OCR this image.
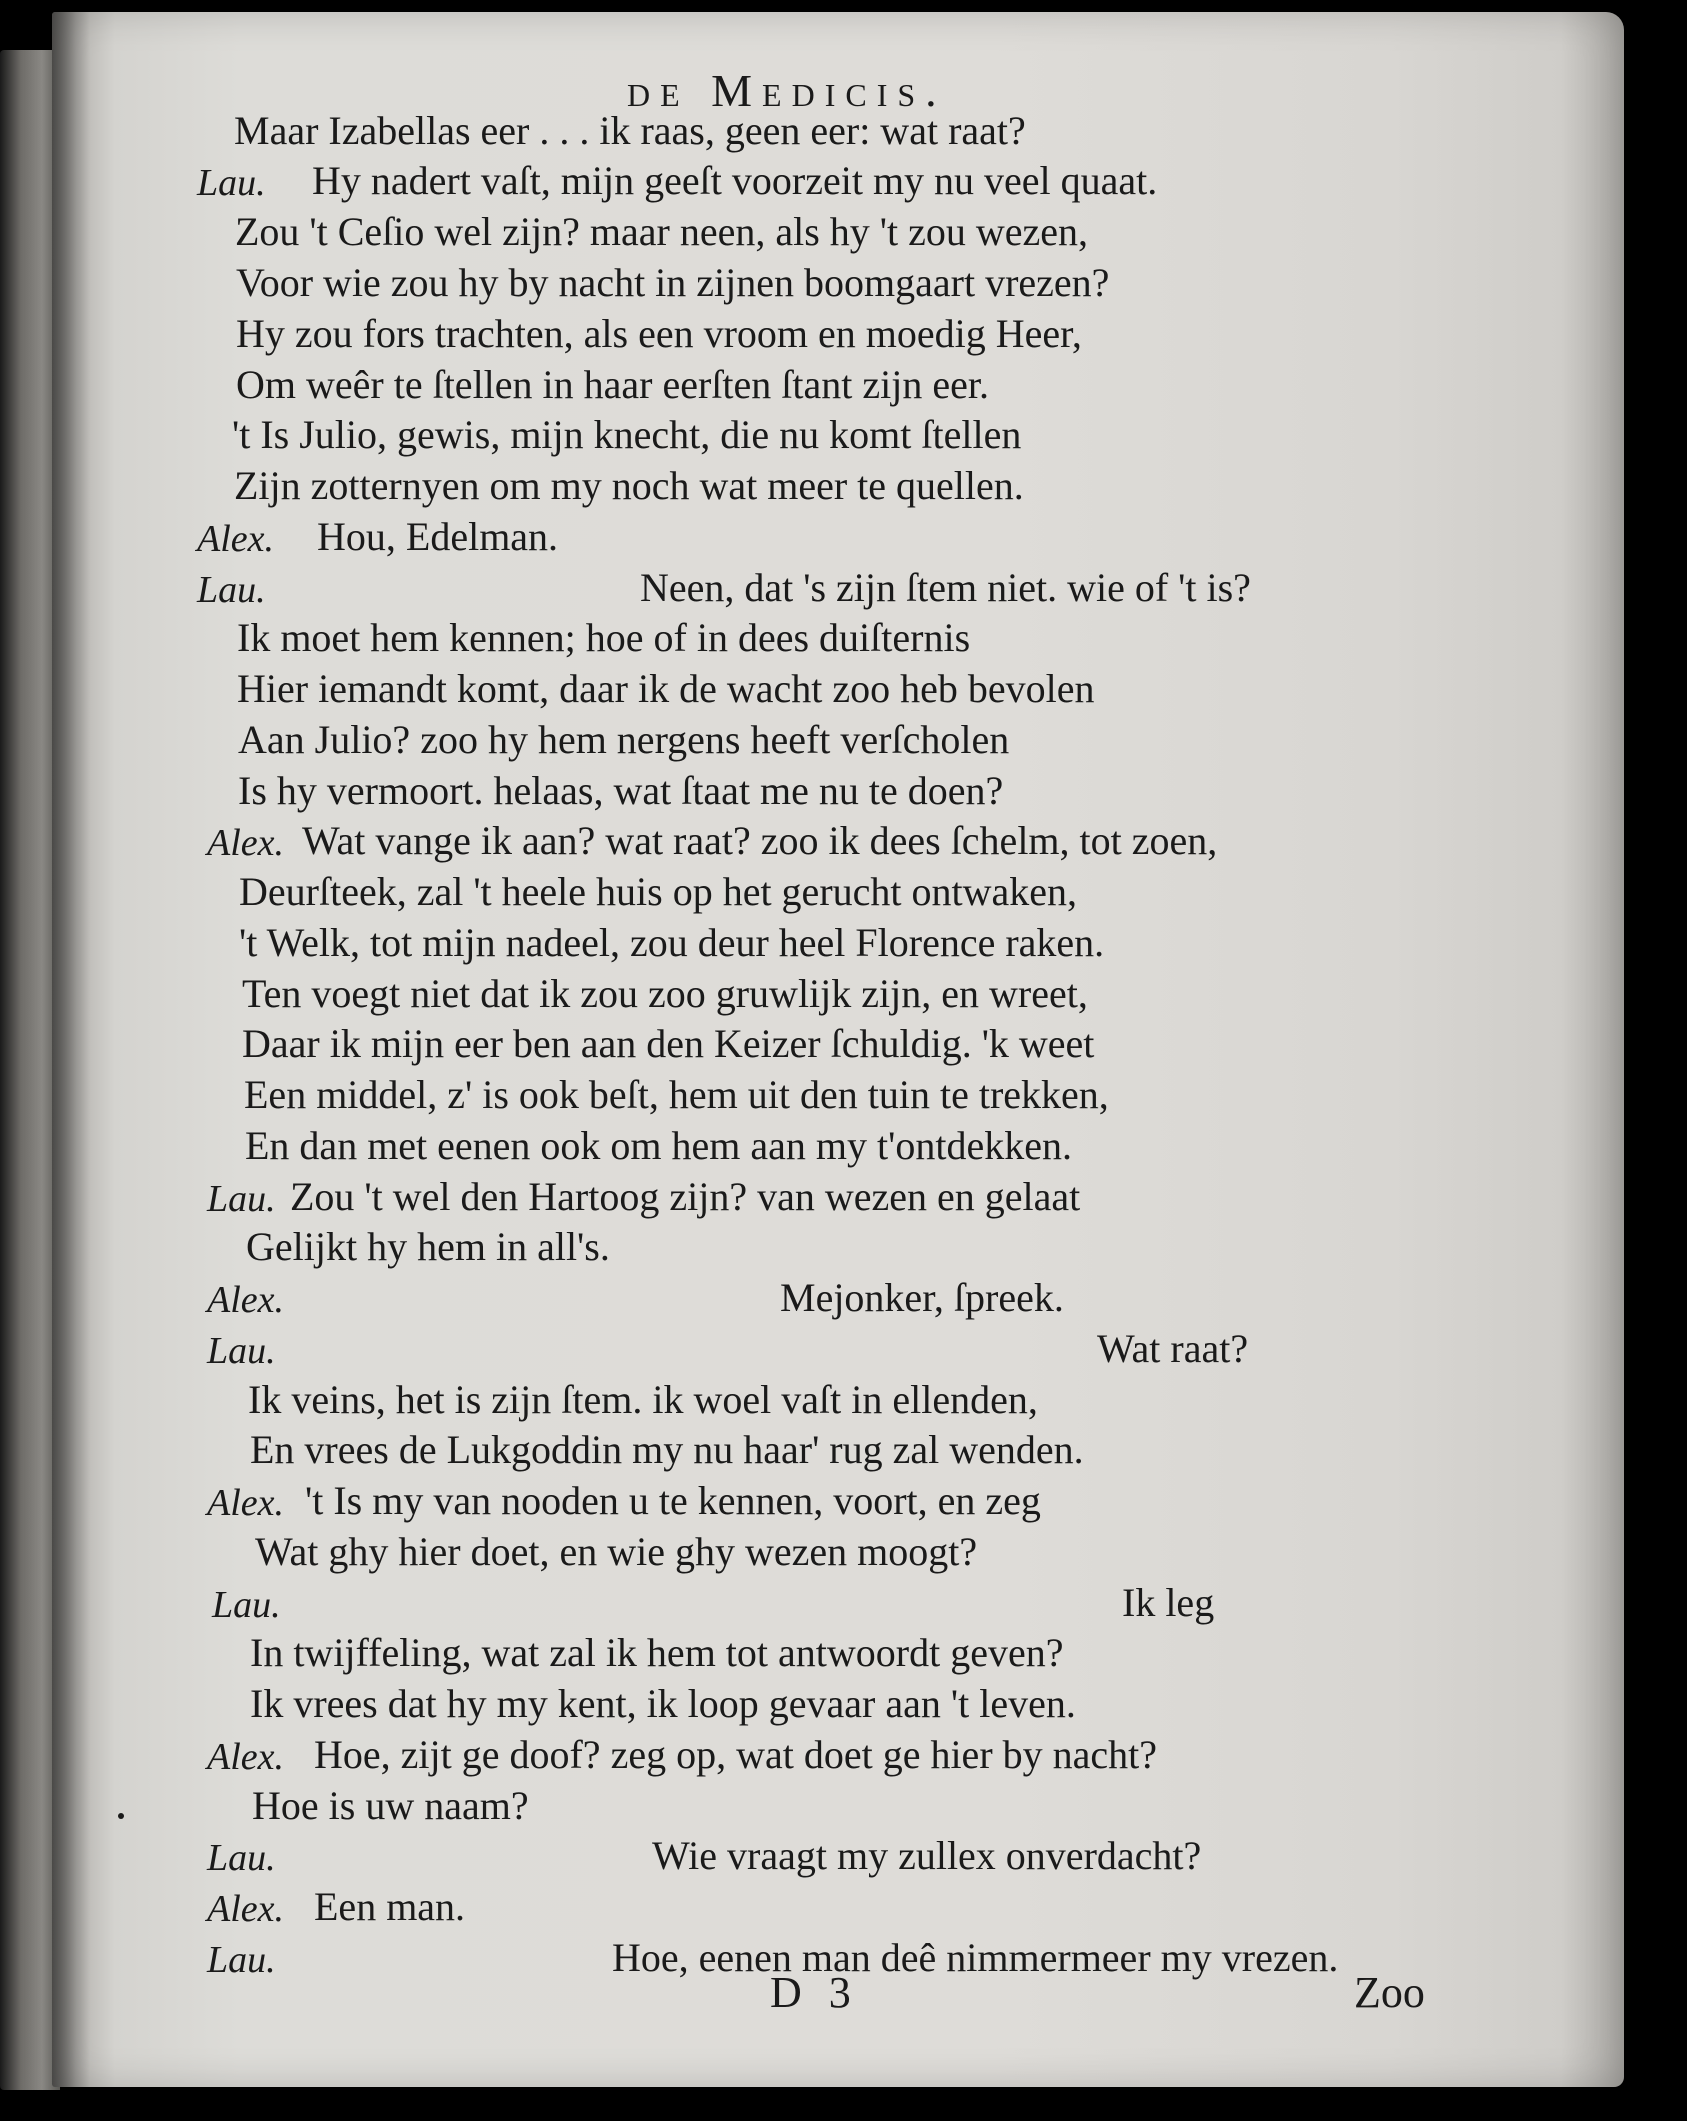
de Medicis.
Maar Izabellas eer . . . ik raas, geen eer: wat raat?
Lau. Hy nadert vaſt, mijn geeſt voorzeit my nu veel quaat.
Zou 't Ceſio wel zijn? maar neen, als hy 't zou wezen,
Voor wie zou hy by nacht in zijnen boomgaart vrezen?
Hy zou fors trachten, als een vroom en moedig Heer,
Om weêr te ſtellen in haar eerſten ſtant zijn eer.
't Is Julio, gewis, mijn knecht, die nu komt ſtellen
Zijn zotternyen om my noch wat meer te quellen.
Alex. Hou, Edelman.
Lau.	Neen, dat 's zijn ſtem niet. wie of 't is?
Ik moet hem kennen; hoe of in dees duiſternis
Hier iemandt komt, daar ik de wacht zoo heb bevolen
Aan Julio? zoo hy hem nergens heeft verſcholen
Is hy vermoort. helaas, wat ſtaat me nu te doen?
Alex. Wat vange ik aan? wat raat? zoo ik dees ſchelm, tot zoen,
Deurſteek, zal 't heele huis op het gerucht ontwaken,
't Welk, tot mijn nadeel, zou deur heel Florence raken.
Ten voegt niet dat ik zou zoo gruwlijk zijn, en wreet,
Daar ik mijn eer ben aan den Keizer ſchuldig. 'k weet
Een middel, z' is ook beſt, hem uit den tuin te trekken,
En dan met eenen ook om hem aan my t'ontdekken.
Lau. Zou 't wel den Hartoog zijn? van wezen en gelaat
Gelijkt hy hem in all's.
Alex.	Mejonker, ſpreek.
Lau.	Wat raat?
Ik veins, het is zijn ſtem. ik woel vaſt in ellenden,
En vrees de Lukgoddin my nu haar' rug zal wenden.
Alex. 't Is my van nooden u te kennen, voort, en zeg
Wat ghy hier doet, en wie ghy wezen moogt?
Lau.	Ik leg
In twijffeling, wat zal ik hem tot antwoordt geven?
Ik vrees dat hy my kent, ik loop gevaar aan 't leven.
Alex. Hoe, zijt ge doof? zeg op, wat doet ge hier by nacht?
Hoe is uw naam?
Lau.	Wie vraagt my zullex onverdacht?
Alex. Een man.
Lau.	Hoe, eenen man deê nimmermeer my vrezen.
D 3	Zoo
